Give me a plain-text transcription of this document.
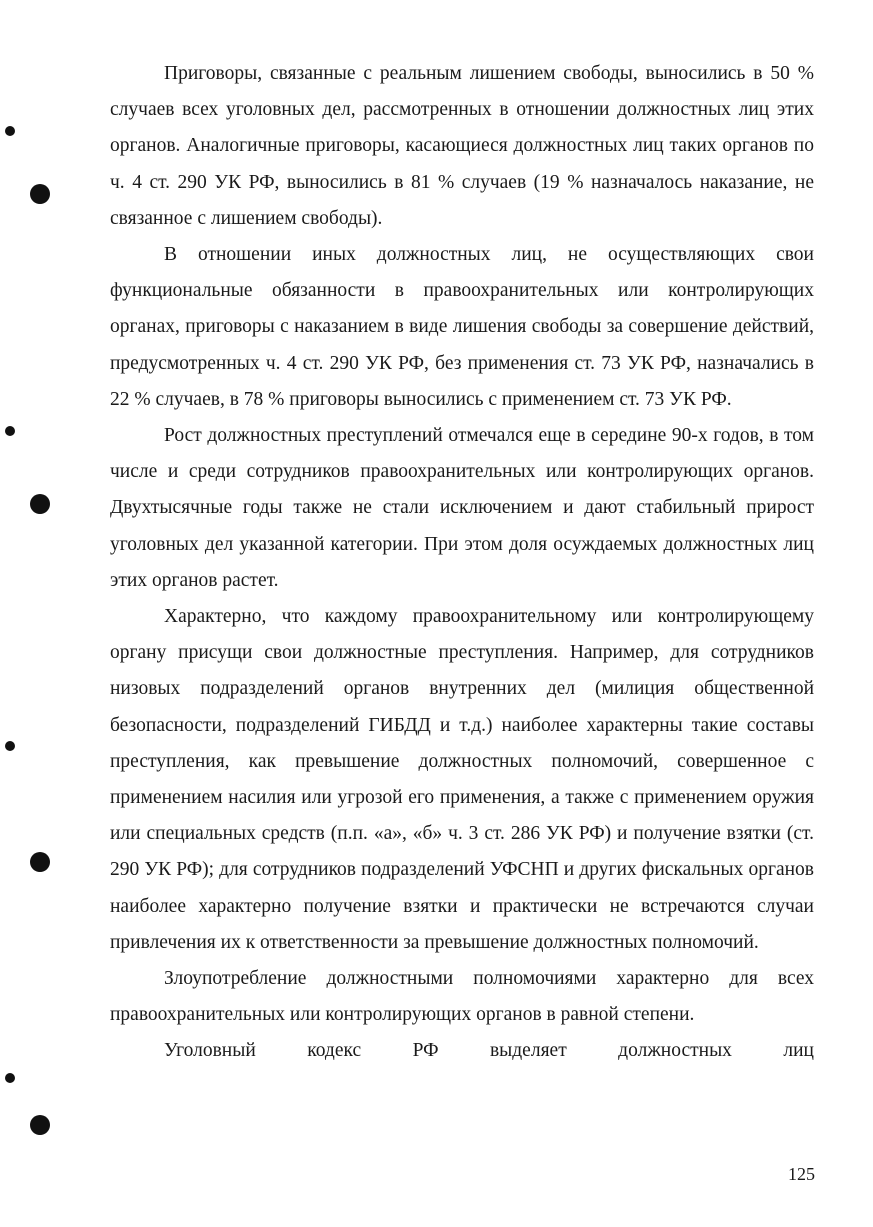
Приговоры, связанные с реальным лишением свободы, выносились в 50 % случаев всех уголовных дел, рассмотренных в отношении должностных лиц этих органов. Аналогичные приговоры, касающиеся должностных лиц таких органов по ч. 4 ст. 290 УК РФ, выносились в 81 % случаев (19 % назначалось наказание, не связанное с лишением свободы).

В отношении иных должностных лиц, не осуществляющих свои функциональные обязанности в правоохранительных или контролирующих органах, приговоры с наказанием в виде лишения свободы за совершение действий, предусмотренных ч. 4 ст. 290 УК РФ, без применения ст. 73 УК РФ, назначались в 22 % случаев, в 78 % приговоры выносились с применением ст. 73 УК РФ.

Рост должностных преступлений отмечался еще в середине 90-х годов, в том числе и среди сотрудников правоохранительных или контролирующих органов. Двухтысячные годы также не стали исключением и дают стабильный прирост уголовных дел указанной категории. При этом доля осуждаемых должностных лиц этих органов растет.

Характерно, что каждому правоохранительному или контролирующему органу присущи свои должностные преступления. Например, для сотрудников низовых подразделений органов внутренних дел (милиция общественной безопасности, подразделений ГИБДД и т.д.) наиболее характерны такие составы преступления, как превышение должностных полномочий, совершенное с применением насилия или угрозой его применения, а также с применением оружия или специальных средств (п.п. «а», «б» ч. 3 ст. 286 УК РФ) и получение взятки (ст. 290 УК РФ); для сотрудников подразделений УФСНП и других фискальных органов наиболее характерно получение взятки и практически не встречаются случаи привлечения их к ответственности за превышение должностных полномочий.

Злоупотребление должностными полномочиями характерно для всех правоохранительных или контролирующих органов в равной степени.

Уголовный кодекс РФ выделяет должностных лиц

125
